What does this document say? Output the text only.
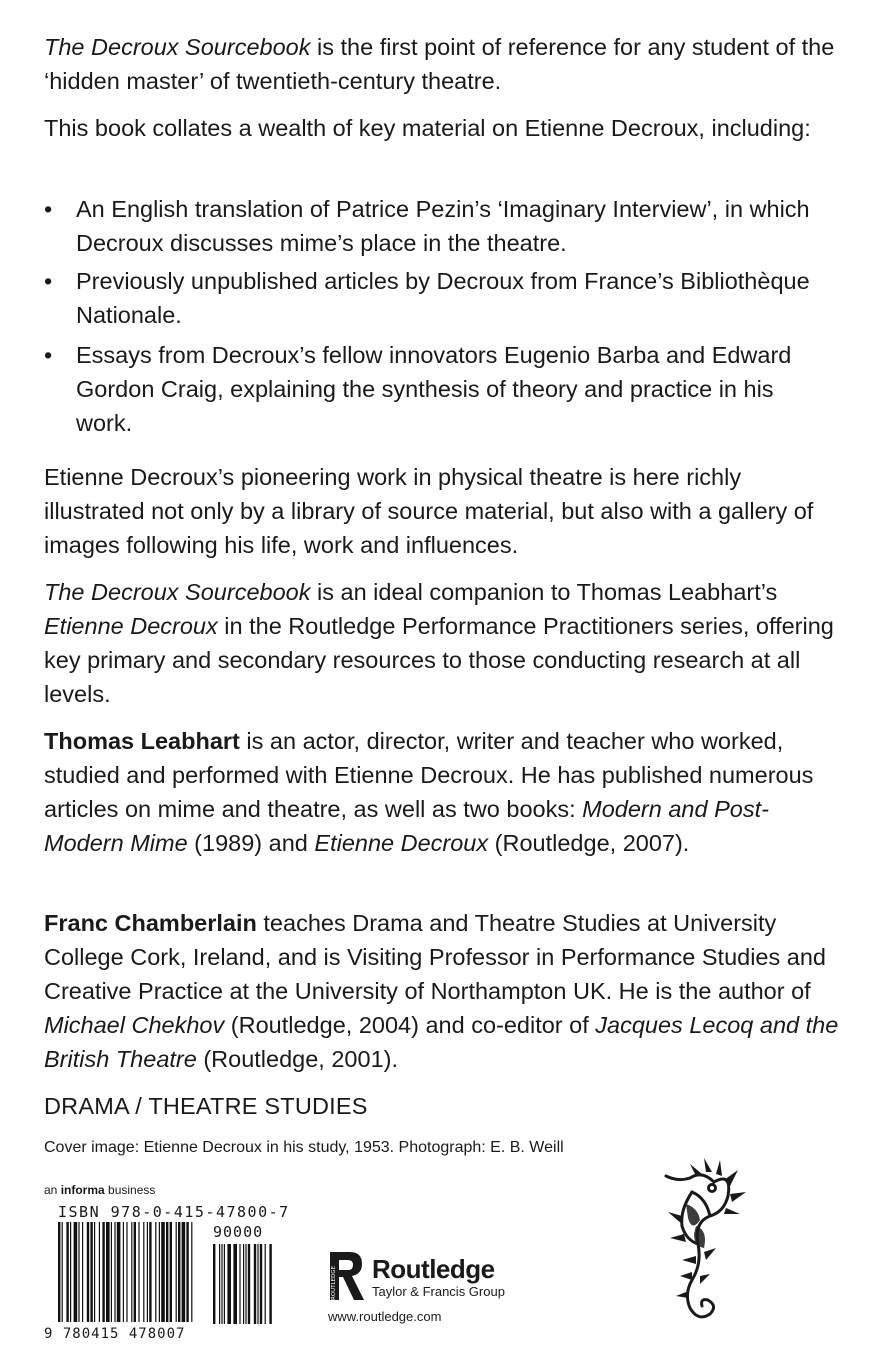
The Decroux Sourcebook is the first point of reference for any student of the ‘hidden master’ of twentieth-century theatre.

This book collates a wealth of key material on Etienne Decroux, including:

•	An English translation of Patrice Pezin’s ‘Imaginary Interview’, in which Decroux discusses mime’s place in the theatre.
•	Previously unpublished articles by Decroux from France’s Bibliothèque Nationale.
•	Essays from Decroux’s fellow innovators Eugenio Barba and Edward Gordon Craig, explaining the synthesis of theory and practice in his work.

Etienne Decroux’s pioneering work in physical theatre is here richly illustrated not only by a library of source material, but also with a gallery of images following his life, work and influences.

The Decroux Sourcebook is an ideal companion to Thomas Leabhart’s Etienne Decroux in the Routledge Performance Practitioners series, offering key primary and secondary resources to those conducting research at all levels.

Thomas Leabhart is an actor, director, writer and teacher who worked, studied and performed with Etienne Decroux. He has published numerous articles on mime and theatre, as well as two books: Modern and Post-Modern Mime (1989) and Etienne Decroux (Routledge, 2007).

Franc Chamberlain teaches Drama and Theatre Studies at University College Cork, Ireland, and is Visiting Professor in Performance Studies and Creative Practice at the University of Northampton UK. He is the author of Michael Chekhov (Routledge, 2004) and co-editor of Jacques Lecoq and the British Theatre (Routledge, 2001).

DRAMA / THEATRE STUDIES
Cover image: Etienne Decroux in his study, 1953. Photograph: E. B. Weill
an informa business
ISBN 978-0-415-47800-7
90000
9 780415 478007
ROUTLEDGE Routledge
Taylor & Francis Group
www.routledge.com
